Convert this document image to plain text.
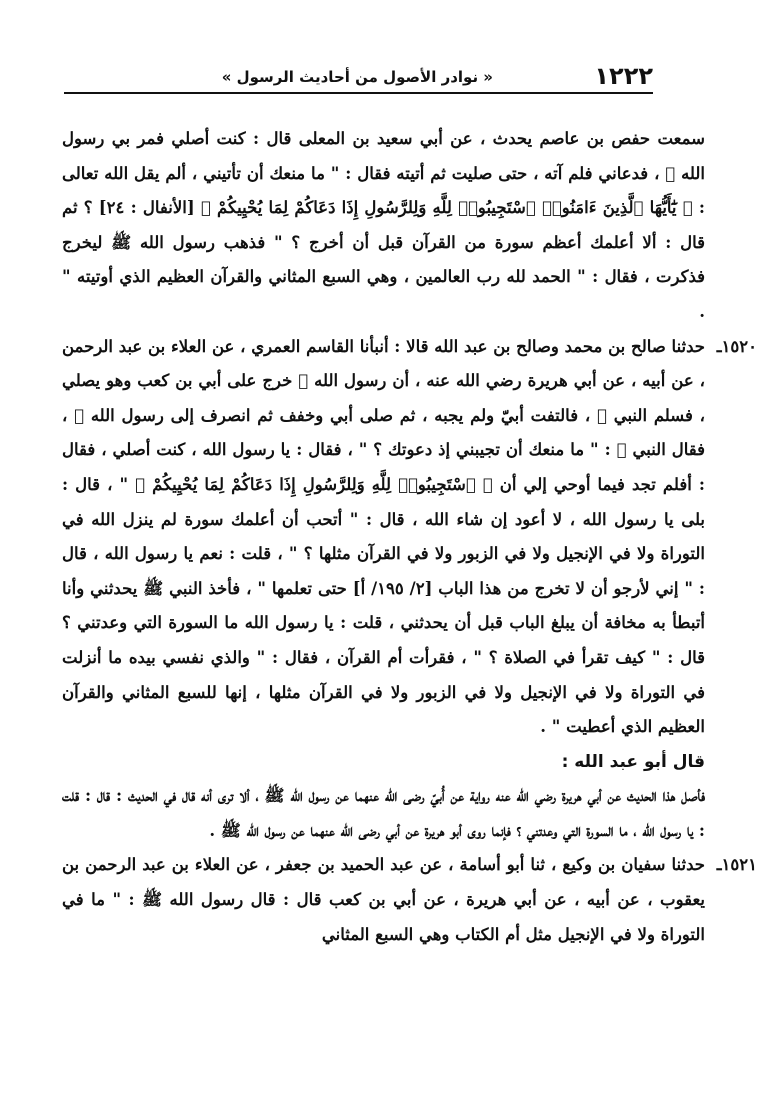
١٢٢٢
« نوادر الأصول من أحاديث الرسول »

سمعت حفص بن عاصم يحدث ، عن أبي سعيد بن المعلى قال : كنت أصلي فمر بي رسول الله ﷺ ، فدعاني فلم آته ، حتى صليت ثم أتيته فقال : " ما منعك أن تأتيني ، ألم يقل الله تعالى : ﴿ يَٰٓأَيُّهَا ٱلَّذِينَ ءَامَنُوا۟ ٱسْتَجِيبُوا۟ لِلَّهِ وَلِلرَّسُولِ إِذَا دَعَاكُمْ لِمَا يُحْيِيكُمْ ﴾ [الأنفال : ٢٤] ؟ ثم قال : ألا أعلمك أعظم سورة من القرآن قبل أن أخرج ؟ " فذهب رسول الله ﷺ ليخرج فذكرت ، فقال : " الحمد لله رب العالمين ، وهي السبع المثاني والقرآن العظيم الذي أوتيته " .

١٥٢٠ـحدثنا صالح بن محمد وصالح بن عبد الله قالا : أنبأنا القاسم العمري ، عن العلاء بن عبد الرحمن ، عن أبيه ، عن أبي هريرة رضي الله عنه ، أن رسول الله ﷺ خرج على أبي بن كعب وهو يصلي ، فسلم النبي ﷺ ، فالتفت أبيّ ولم يجبه ، ثم صلى أبي وخفف ثم انصرف إلى رسول الله ﷺ ، فقال النبي ﷺ : " ما منعك أن تجيبني إذ دعوتك ؟ " ، فقال : يا رسول الله ، كنت أصلي ، فقال : أفلم تجد فيما أوحي إلي أن ﴿ ٱسْتَجِيبُوا۟ لِلَّهِ وَلِلرَّسُولِ إِذَا دَعَاكُمْ لِمَا يُحْيِيكُمْ ﴾ " ، قال : بلى يا رسول الله ، لا أعود إن شاء الله ، قال : " أتحب أن أعلمك سورة لم ينزل الله في التوراة ولا في الإنجيل ولا في الزبور ولا في القرآن مثلها ؟ " ، قلت : نعم يا رسول الله ، قال : " إني لأرجو أن لا تخرج من هذا الباب [٢/ ١٩٥/ أ] حتى تعلمها " ، فأخذ النبي ﷺ يحدثني وأنا أتبطأ به مخافة أن يبلغ الباب قبل أن يحدثني ، قلت : يا رسول الله ما السورة التي وعدتني ؟ قال : " كيف تقرأ في الصلاة ؟ " ، فقرأت أم القرآن ، فقال : " والذي نفسي بيده ما أنزلت في التوراة ولا في الإنجيل ولا في الزبور ولا في القرآن مثلها ، إنها للسبع المثاني والقرآن العظيم الذي أعطيت " .

قال أبو عبد الله :

فأصل هذا الحديث عن أبي هريرة رضي الله عنه رواية عن أُبيّ رضى الله عنهما عن رسول الله ﷺ ، ألا ترى أنه قال في الحديث : قال : قلت : يا رسول الله ، ما السورة التي وعدتني ؟ فإنما روى أبو هريرة عن أبي رضى الله عنهما عن رسول الله ﷺ .

١٥٢١ـحدثنا سفيان بن وكيع ، ثنا أبو أسامة ، عن عبد الحميد بن جعفر ، عن العلاء بن عبد الرحمن بن يعقوب ، عن أبيه ، عن أبي هريرة ، عن أبي بن كعب قال : قال رسول الله ﷺ : " ما في التوراة ولا في الإنجيل مثل أم الكتاب وهي السبع المثاني
